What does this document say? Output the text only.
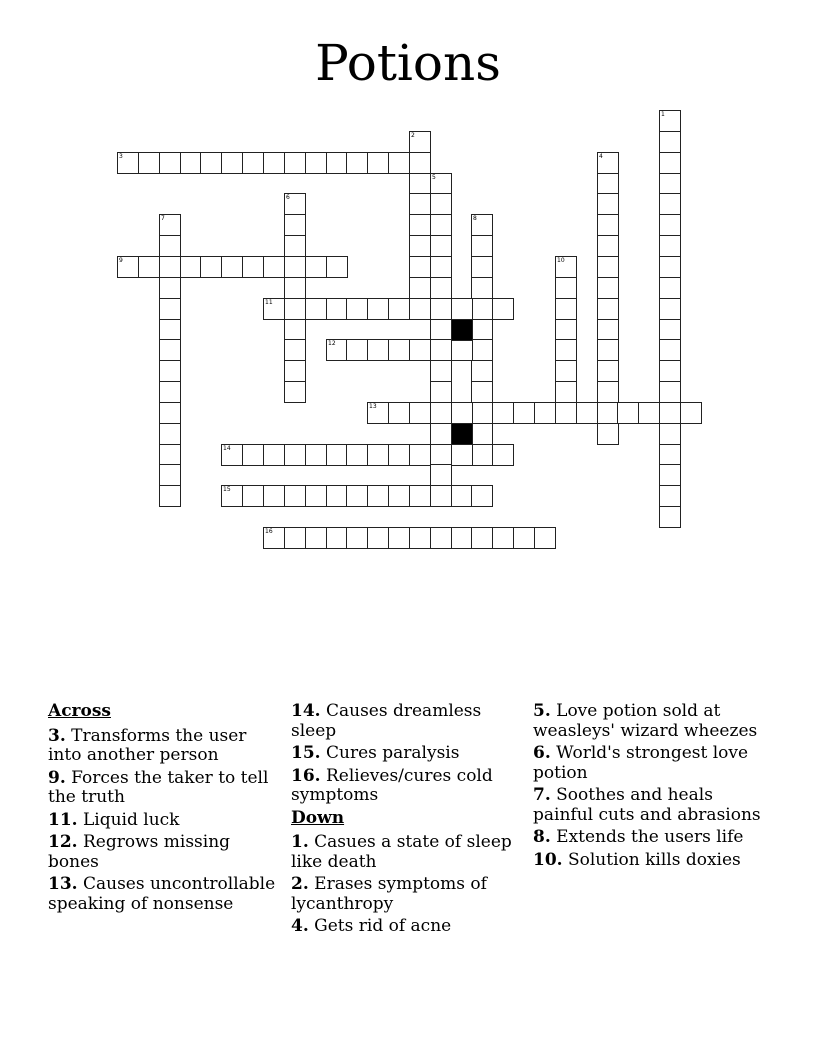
Potions
1
2
3	4
5
6
7	8
9	10
11
12
13
14
15
16
Across
3. Transforms the user into another person
9. Forces the taker to tell the truth
11. Liquid luck
12. Regrows missing bones
13. Causes uncontrollable speaking of nonsense
14. Causes dreamless sleep
15. Cures paralysis
16. Relieves/cures cold symptoms
Down
1. Casues a state of sleep like death
2. Erases symptoms of lycanthropy
4. Gets rid of acne
5. Love potion sold at weasleys' wizard wheezes
6. World's strongest love potion
7. Soothes and heals painful cuts and abrasions
8. Extends the users life
10. Solution kills doxies
